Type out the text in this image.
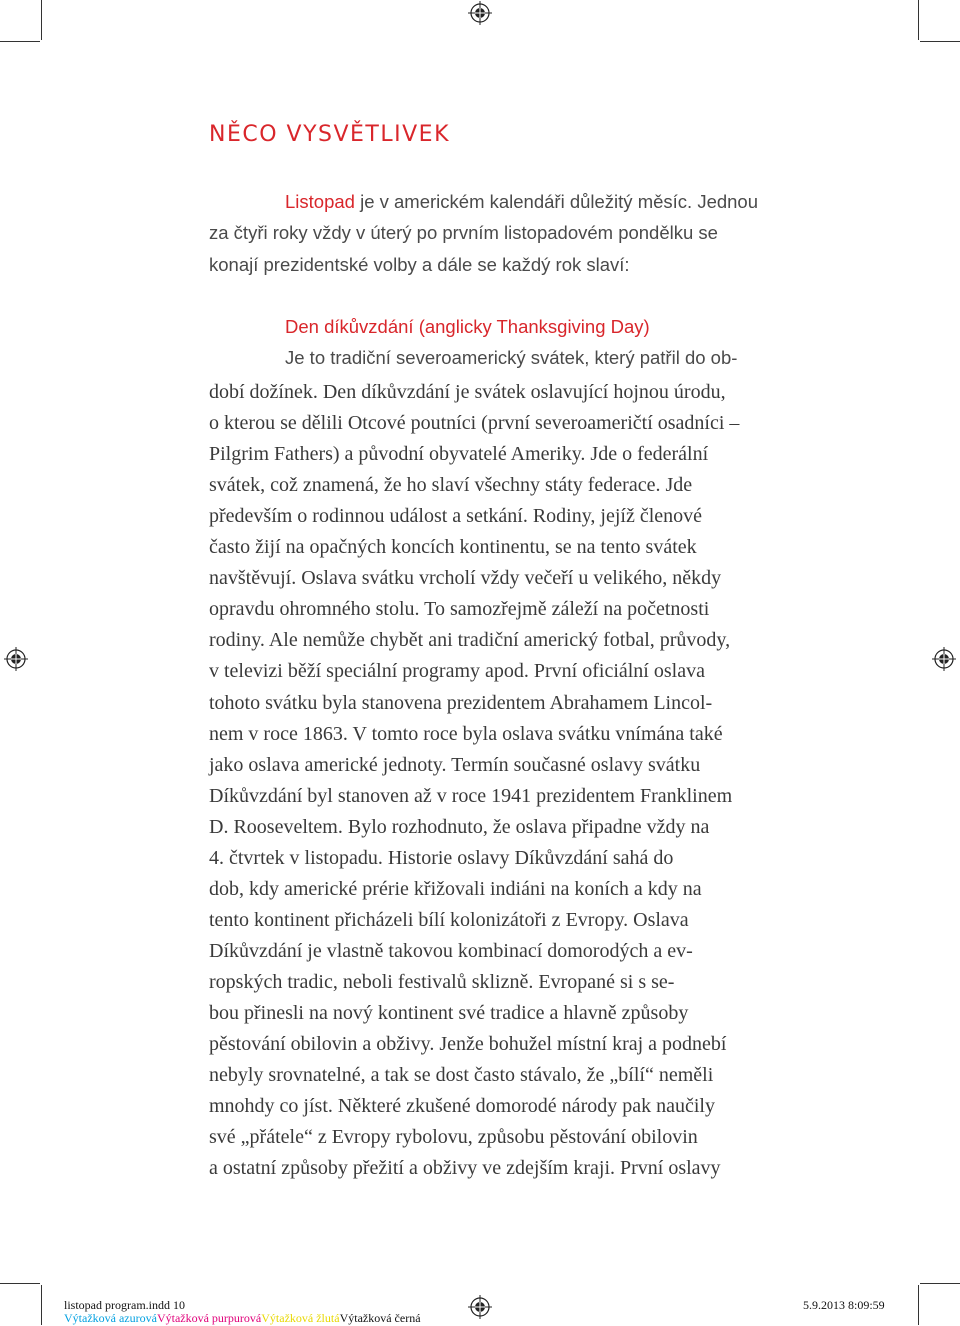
NĚCO VYSVĚTLIVEK
Listopad je v americkém kalendáři důležitý měsíc. Jednou
za čtyři roky vždy v úterý po prvním listopadovém pondělku se
konají prezidentské volby a dále se každý rok slaví:
Den díkůvzdání (anglicky Thanksgiving Day)
Je to tradiční severoamerický svátek, který patřil do ob-
dobí dožínek. Den díkůvzdání je svátek oslavující hojnou úrodu,
o kterou se dělili Otcové poutníci (první severoameričtí osadníci –
Pilgrim Fathers) a původní obyvatelé Ameriky. Jde o federální
svátek, což znamená, že ho slaví všechny státy federace. Jde
především o rodinnou událost a setkání. Rodiny, jejíž členové
často žijí na opačných koncích kontinentu, se na tento svátek
navštěvují. Oslava svátku vrcholí vždy večeří u velikého, někdy
opravdu ohromného stolu. To samozřejmě záleží na početnosti
rodiny. Ale nemůže chybět ani tradiční americký fotbal, průvody,
v televizi běží speciální programy apod. První oficiální oslava
tohoto svátku byla stanovena prezidentem Abrahamem Lincol-
nem v roce 1863. V tomto roce byla oslava svátku vnímána také
jako oslava americké jednoty. Termín současné oslavy svátku
Díkůvzdání byl stanoven až v roce 1941 prezidentem Franklinem
D. Rooseveltem. Bylo rozhodnuto, že oslava připadne vždy na
4. čtvrtek v listopadu. Historie oslavy Díkůvzdání sahá do
dob, kdy americké prérie křižovali indiáni na koních a kdy na
tento kontinent přicházeli bílí kolonizátoři z Evropy. Oslava
Díkůvzdání je vlastně takovou kombinací domorodých a ev-
ropských tradic, neboli festivalů sklizně. Evropané si s se-
bou přinesli na nový kontinent své tradice a hlavně způsoby
pěstování obilovin a obživy. Jenže bohužel místní kraj a podnebí
nebyly srovnatelné, a tak se dost často stávalo, že „bílí“ neměli
mnohdy co jíst. Některé zkušené domorodé národy pak naučily
své „přátele“ z Evropy rybolovu, způsobu pěstování obilovin
a ostatní způsoby přežití a obživy ve zdejším kraji. První oslavy
listopad program.indd 10	5.9.2013 8:09:59
Výtažková azurováVýtažková purpurováVýtažková žlutáVýtažková černá
